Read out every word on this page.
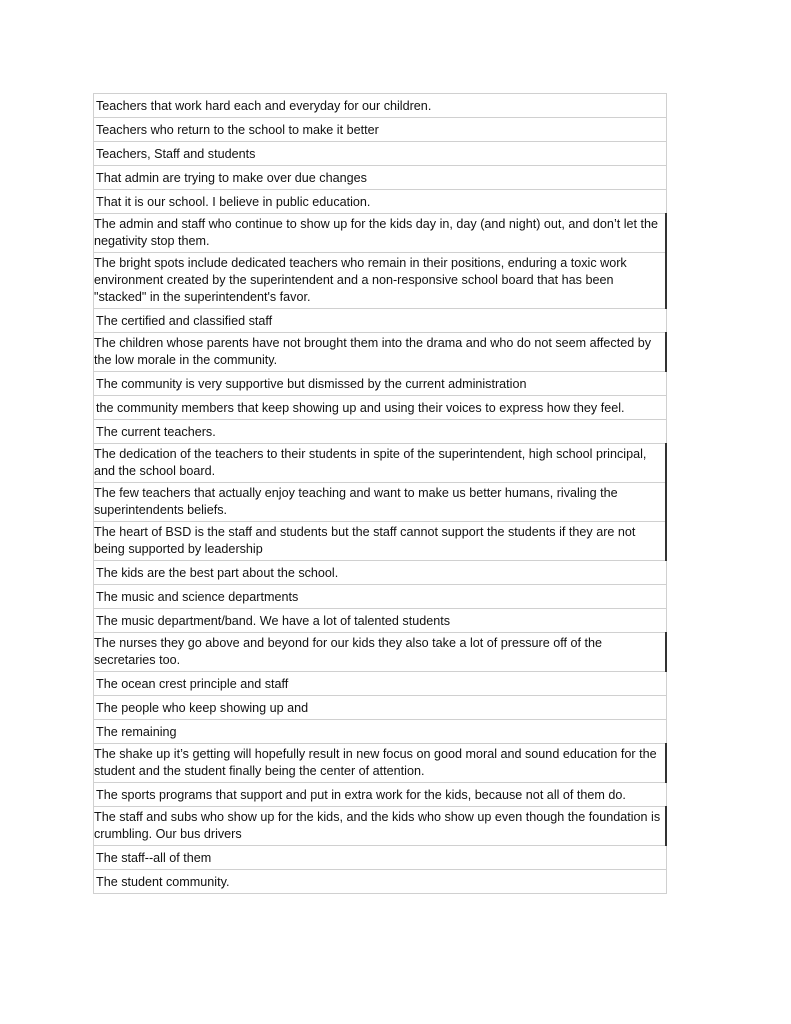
Teachers that work hard each and everyday for our children.
Teachers who return to the school to make it better
Teachers, Staff and students
That admin are trying to make over due changes
That it is our school. I believe in public education.
The admin and staff who continue to show up for the kids day in, day (and night) out, and don’t let the negativity stop them.
The bright spots include dedicated teachers who remain in their positions, enduring a toxic work environment created by the superintendent and a non-responsive school board that has been "stacked" in the superintendent's favor.
The certified and classified staff
The children whose parents have not brought them into the drama and who do not seem affected by the low morale in the community.
The community is very supportive but dismissed by the current administration
the community members that keep showing up and using their voices to express how they feel.
The current teachers.
The dedication of the teachers to their students in spite of the superintendent, high school principal, and the school board.
The few teachers that actually enjoy teaching and want to make us better humans, rivaling the superintendents beliefs.
The heart of BSD is the staff and students but the staff cannot support the students if they are not being supported by leadership
The kids are the best part about the school.
The music and science departments
The music department/band. We have a lot of talented students
The nurses they go above and beyond for our kids they also take a lot of pressure off of the secretaries too.
The ocean crest principle and staff
The people who keep showing up and
The remaining
The shake up it’s getting will hopefully result in new focus on good moral and sound education for the student and the student finally being the center of attention.
The sports programs that support and put in extra work for the kids, because not all of them do.
The staff and subs who show up for the kids, and the kids who show up even though the foundation is crumbling. Our bus drivers
The staff--all of them
The student community.
